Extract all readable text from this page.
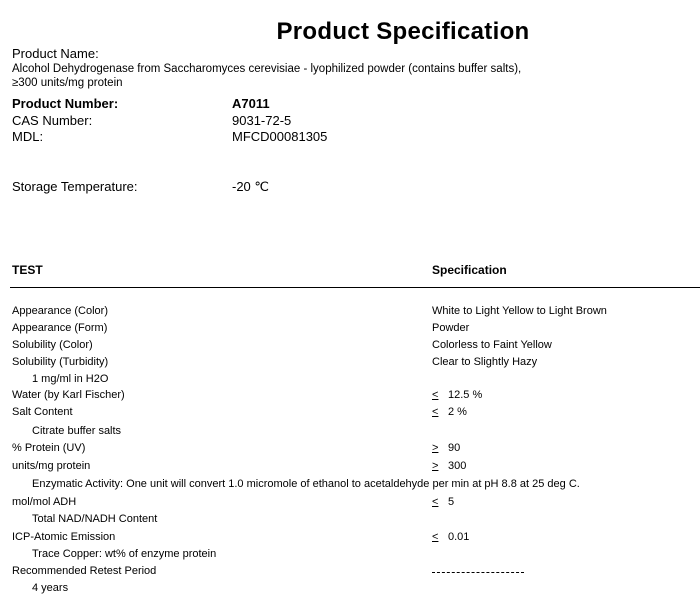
Product Specification
Product Name:
Alcohol Dehydrogenase from Saccharomyces cerevisiae - lyophilized powder (contains buffer salts),
≥300 units/mg protein
Product Number:	A7011
CAS Number:	9031-72-5
MDL:	MFCD00081305
Storage Temperature:	-20 ℃
TEST	Specification
Appearance (Color)	White to Light Yellow to Light Brown
Appearance (Form)	Powder
Solubility (Color)	Colorless to Faint Yellow
Solubility (Turbidity)	Clear to Slightly Hazy
1 mg/ml in H2O
Water (by Karl Fischer)	< 12.5 %
Salt Content	< 2 %
Citrate buffer salts
% Protein (UV)	> 90
units/mg protein	> 300
Enzymatic Activity: One unit will convert 1.0 micromole of ethanol to acetaldehyde per min at pH 8.8 at 25 deg C.
mol/mol ADH	< 5
Total NAD/NADH Content
ICP-Atomic Emission	< 0.01
Trace Copper: wt% of enzyme protein
Recommended Retest Period
4 years
